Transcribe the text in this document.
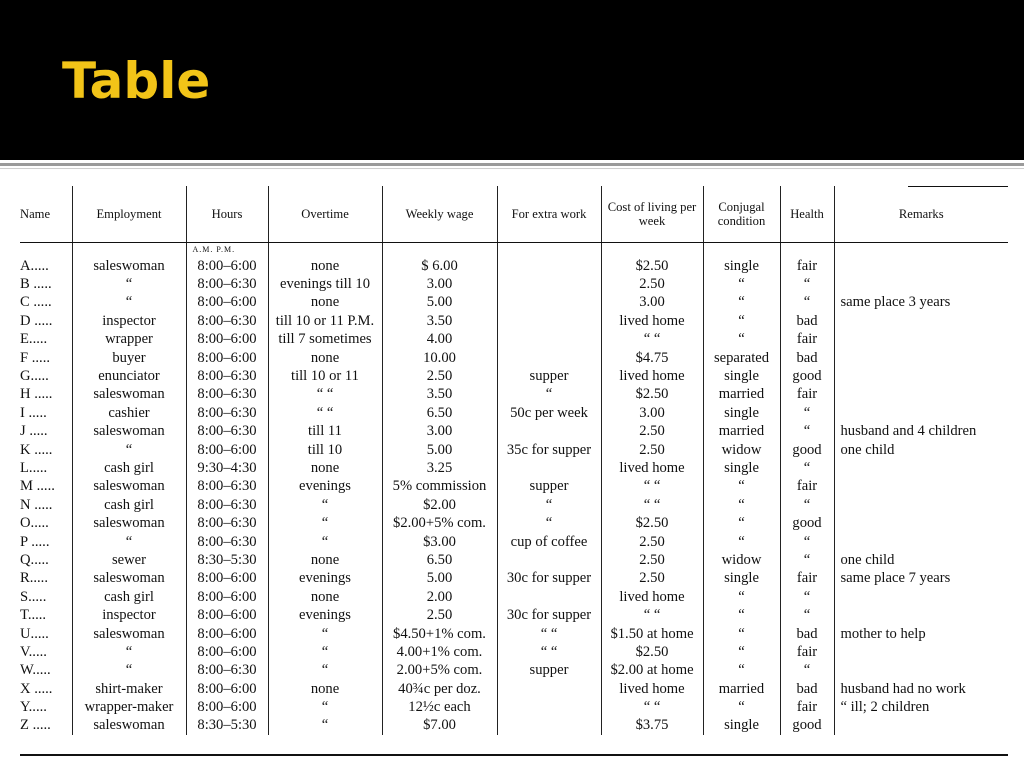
Table
Name	Employment	Hours	Overtime	Weekly wage	For extra work	Cost of living per week	Conjugal condition	Health	Remarks
		A.M. P.M.							
A.....	saleswoman	8:00–6:00	none	$ 6.00		$2.50	single	fair	
B .....	“	8:00–6:30	evenings till 10	3.00		2.50	“	“	
C .....	“	8:00–6:00	none	5.00		3.00	“	“	same place 3 years
D .....	inspector	8:00–6:30	till 10 or 11 P.M.	3.50		lived home	“	bad	
E.....	wrapper	8:00–6:00	till 7 sometimes	4.00		“ “	“	fair	
F .....	buyer	8:00–6:00	none	10.00		$4.75	separated	bad	
G.....	enunciator	8:00–6:30	till 10 or 11	2.50	supper	lived home	single	good	
H .....	saleswoman	8:00–6:30	“ “	3.50	“	$2.50	married	fair	
I .....	cashier	8:00–6:30	“ “	6.50	50c per week	3.00	single	“	
J .....	saleswoman	8:00–6:30	till 11	3.00		2.50	married	“	husband and 4 children
K .....	“	8:00–6:00	till 10	5.00	35c for supper	2.50	widow	good	one child
L.....	cash girl	9:30–4:30	none	3.25		lived home	single	“	
M .....	saleswoman	8:00–6:30	evenings	5% commission	supper	“ “	“	fair	
N .....	cash girl	8:00–6:30	“	$2.00	“	“ “	“	“	
O.....	saleswoman	8:00–6:30	“	$2.00+5% com.	“	$2.50	“	good	
P .....	“	8:00–6:30	“	$3.00	cup of coffee	2.50	“	“	
Q.....	sewer	8:30–5:30	none	6.50		2.50	widow	“	one child
R.....	saleswoman	8:00–6:00	evenings	5.00	30c for supper	2.50	single	fair	same place 7 years
S.....	cash girl	8:00–6:00	none	2.00		lived home	“	“	
T.....	inspector	8:00–6:00	evenings	2.50	30c for supper	“ “	“	“	
U.....	saleswoman	8:00–6:00	“	$4.50+1% com.	“ “	$1.50 at home	“	bad	mother to help
V.....	“	8:00–6:00	“	4.00+1% com.	“ “	$2.50	“	fair	
W.....	“	8:00–6:30	“	2.00+5% com.	supper	$2.00 at home	“	“	
X .....	shirt-maker	8:00–6:00	none	40¾c per doz.		lived home	married	bad	husband had no work
Y.....	wrapper-maker	8:00–6:00	“	12½c each		“ “	“	fair	“ ill; 2 children
Z .....	saleswoman	8:30–5:30	“	$7.00		$3.75	single	good	
